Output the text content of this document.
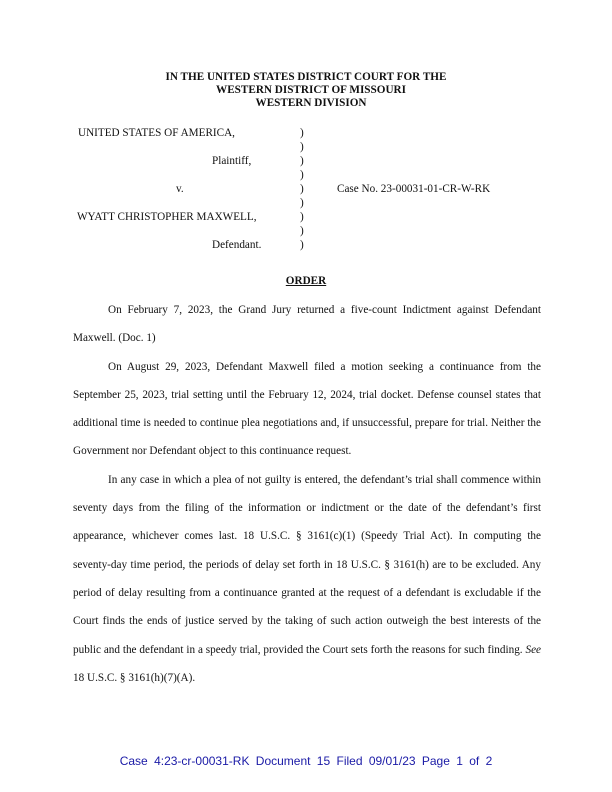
IN THE UNITED STATES DISTRICT COURT FOR THE
WESTERN DISTRICT OF MISSOURI
WESTERN DIVISION
UNITED STATES OF AMERICA,
Plaintiff,
v.
WYATT CHRISTOPHER MAXWELL,
Defendant.
)
)
)
)
)
)
)
)
)
Case No. 23-00031-01-CR-W-RK
ORDER

On February 7, 2023, the Grand Jury returned a five-count Indictment against Defendant Maxwell. (Doc. 1)

On August 29, 2023, Defendant Maxwell filed a motion seeking a continuance from the September 25, 2023, trial setting until the February 12, 2024, trial docket. Defense counsel states that additional time is needed to continue plea negotiations and, if unsuccessful, prepare for trial. Neither the Government nor Defendant object to this continuance request.

In any case in which a plea of not guilty is entered, the defendant’s trial shall commence within seventy days from the filing of the information or indictment or the date of the defendant’s first appearance, whichever comes last. 18 U.S.C. § 3161(c)(1) (Speedy Trial Act). In computing the seventy-day time period, the periods of delay set forth in 18 U.S.C. § 3161(h) are to be excluded. Any period of delay resulting from a continuance granted at the request of a defendant is excludable if the Court finds the ends of justice served by the taking of such action outweigh the best interests of the public and the defendant in a speedy trial, provided the Court sets forth the reasons for such finding. See 18 U.S.C. § 3161(h)(7)(A).

Case 4:23-cr-00031-RK Document 15 Filed 09/01/23 Page 1 of 2
